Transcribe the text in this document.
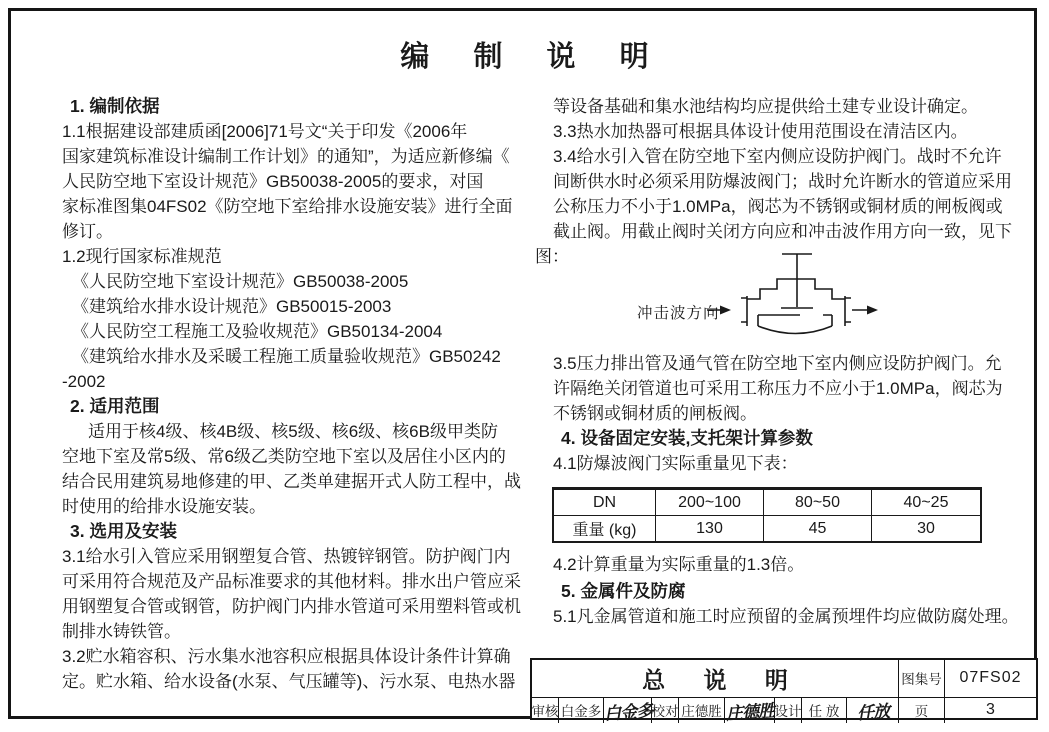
编 制 说 明
1. 编制依据
1.1根据建设部建质函[2006]71号文“关于印发《2006年
国家建筑标准设计编制工作计划》的通知”，为适应新修编《
人民防空地下室设计规范》GB50038-2005的要求，对国
家标准图集04FS02《防空地下室给排水设施安装》进行全面
修订。
1.2现行国家标准规范
《人民防空地下室设计规范》GB50038-2005
《建筑给水排水设计规范》GB50015-2003
《人民防空工程施工及验收规范》GB50134-2004
《建筑给水排水及采暖工程施工质量验收规范》GB50242
-2002
2. 适用范围
适用于核4级、核4B级、核5级、核6级、核6B级甲类防
空地下室及常5级、常6级乙类防空地下室以及居住小区内的
结合民用建筑易地修建的甲、乙类单建据开式人防工程中，战
时使用的给排水设施安装。
3. 选用及安装
3.1给水引入管应采用钢塑复合管、热镀锌钢管。防护阀门内
可采用符合规范及产品标准要求的其他材料。排水出户管应采
用钢塑复合管或钢管，防护阀门内排水管道可采用塑料管或机
制排水铸铁管。
3.2贮水箱容积、污水集水池容积应根据具体设计条件计算确
定。贮水箱、给水设备(水泵、气压罐等)、污水泵、电热水器
等设备基础和集水池结构均应提供给土建专业设计确定。
3.3热水加热器可根据具体设计使用范围设在清洁区内。
3.4给水引入管在防空地下室内侧应设防护阀门。战时不允许
间断供水时必须采用防爆波阀门；战时允许断水的管道应采用
公称压力不小于1.0MPa，阀芯为不锈钢或铜材质的闸板阀或
截止阀。用截止阀时关闭方向应和冲击波作用方向一致，见下
图：
3.5压力排出管及通气管在防空地下室内侧应设防护阀门。允
许隔绝关闭管道也可采用工称压力不应小于1.0MPa，阀芯为
不锈钢或铜材质的闸板阀。
4. 设备固定安装,支托架计算参数
4.1防爆波阀门实际重量见下表：
4.2计算重量为实际重量的1.3倍。
5. 金属件及防腐
5.1凡金属管道和施工时应预留的金属预埋件均应做防腐处理。
冲击波方向
DN	200~100	80~50	40~25
重量 (kg)	130	45	30
总 说 明	图集号	07FS02
审核 白金多 白金多 校对 庄德胜 庄德胜 设计 任 放 任放	页	3
